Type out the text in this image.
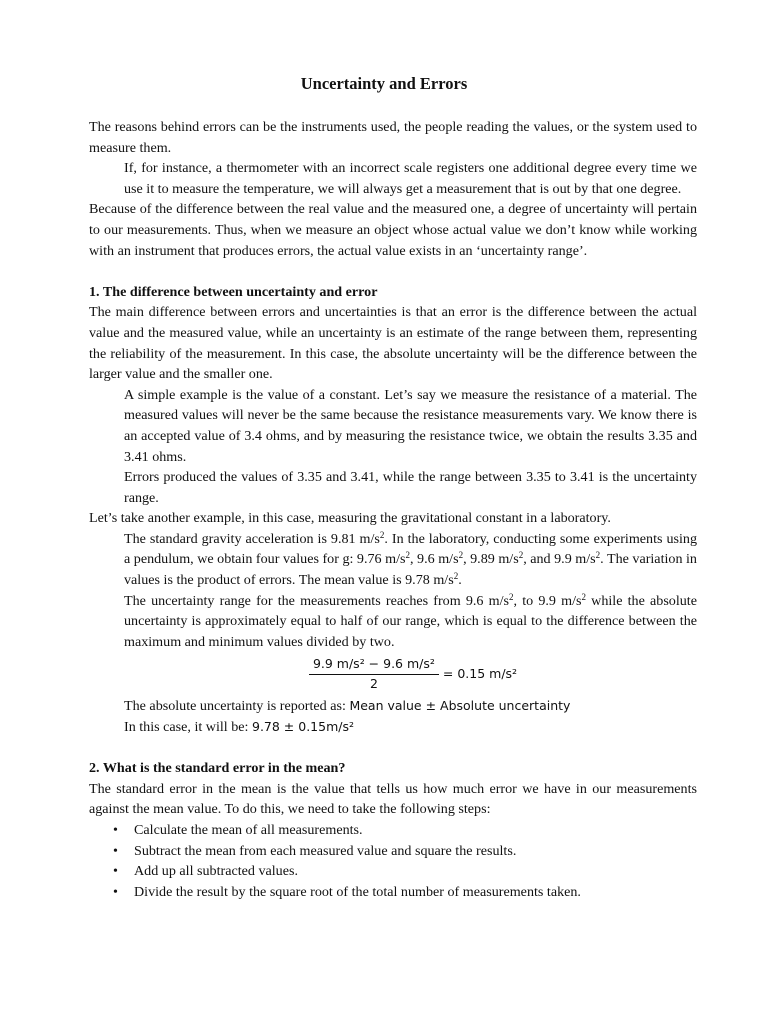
Uncertainty and Errors

The reasons behind errors can be the instruments used, the people reading the values, or the system used to measure them.

If, for instance, a thermometer with an incorrect scale registers one additional degree every time we use it to measure the temperature, we will always get a measurement that is out by that one degree.

Because of the difference between the real value and the measured one, a degree of uncertainty will pertain to our measurements. Thus, when we measure an object whose actual value we don’t know while working with an instrument that produces errors, the actual value exists in an ‘uncertainty range’.

1. The difference between uncertainty and error

The main difference between errors and uncertainties is that an error is the difference between the actual value and the measured value, while an uncertainty is an estimate of the range between them, representing the reliability of the measurement. In this case, the absolute uncertainty will be the difference between the larger value and the smaller one.

A simple example is the value of a constant. Let’s say we measure the resistance of a material. The measured values will never be the same because the resistance measurements vary. We know there is an accepted value of 3.4 ohms, and by measuring the resistance twice, we obtain the results 3.35 and 3.41 ohms.

Errors produced the values of 3.35 and 3.41, while the range between 3.35 to 3.41 is the uncertainty range.

Let’s take another example, in this case, measuring the gravitational constant in a laboratory.

The standard gravity acceleration is 9.81 $m/s^2$. In the laboratory, conducting some experiments using a pendulum, we obtain four values for g: 9.76 $m/s^2$, 9.6 $m/s^2$, 9.89 $m/s^2$, and 9.9 $m/s^2$. The variation in values is the product of errors. The mean value is 9.78 $m/s^2$.

The uncertainty range for the measurements reaches from 9.6 $m/s^2$, to 9.9 $m/s^2$ while the absolute uncertainty is approximately equal to half of our range, which is equal to the difference between the maximum and minimum values divided by two.

$\frac{\text{9.9 m/s² − 9.6 m/s²}}{2} = 0.15$ m/s²

The absolute uncertainty is reported as: Mean value ± Absolute uncertainty

In this case, it will be: 9.78 ± 0.15m/s²

2. What is the standard error in the mean?

The standard error in the mean is the value that tells us how much error we have in our measurements against the mean value. To do this, we need to take the following steps:

• Calculate the mean of all measurements.
• Subtract the mean from each measured value and square the results.
• Add up all subtracted values.
• Divide the result by the square root of the total number of measurements taken.
